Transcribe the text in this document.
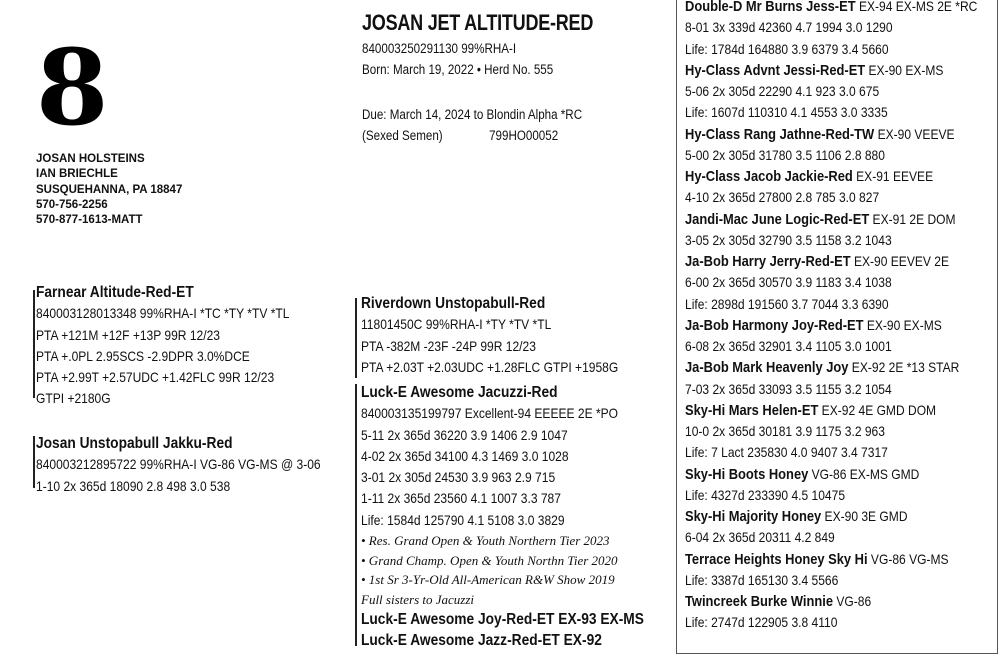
8
JOSAN HOLSTEINS
IAN BRIECHLE
SUSQUEHANNA, PA 18847
570-756-2256
570-877-1613-MATT
JOSAN JET ALTITUDE-RED
840003250291130 99%RHA-I
Born: March 19, 2022 • Herd No. 555
Due: March 14, 2024 to Blondin Alpha *RC
(Sexed Semen)	799HO00052
Farnear Altitude-Red-ET
840003128013348 99%RHA-I *TC *TY *TV *TL
PTA +121M +12F +13P 99R 12/23
PTA +.0PL 2.95SCS -2.9DPR 3.0%DCE
PTA +2.99T +2.57UDC +1.42FLC 99R 12/23
GTPI +2180G
Josan Unstopabull Jakku-Red
840003212895722 99%RHA-I VG-86 VG-MS @ 3-06
1-10 2x 365d 18090 2.8 498 3.0 538
Riverdown Unstopabull-Red
11801450C 99%RHA-I *TY *TV *TL
PTA -382M -23F -24P 99R 12/23
PTA +2.03T +2.03UDC +1.28FLC GTPI +1958G
Luck-E Awesome Jacuzzi-Red
840003135199797 Excellent-94 EEEEE 2E *PO
5-11 2x 365d 36220 3.9 1406 2.9 1047
4-02 2x 365d 34100 4.3 1469 3.0 1028
3-01 2x 305d 24530 3.9 963 2.9 715
1-11 2x 365d 23560 4.1 1007 3.3 787
Life: 1584d 125790 4.1 5108 3.0 3829
• Res. Grand Open & Youth Northern Tier 2023
• Grand Champ. Open & Youth Northn Tier 2020
• 1st Sr 3-Yr-Old All-American R&W Show 2019
Full sisters to Jacuzzi
Luck-E Awesome Joy-Red-ET EX-93 EX-MS
Luck-E Awesome Jazz-Red-ET EX-92
Double-D Mr Burns Jess-ET EX-94 EX-MS 2E *RC
8-01 3x 339d 42360 4.7 1994 3.0 1290
Life: 1784d 164880 3.9 6379 3.4 5660
Hy-Class Advnt Jessi-Red-ET EX-90 EX-MS
5-06 2x 305d 22290 4.1 923 3.0 675
Life: 1607d 110310 4.1 4553 3.0 3335
Hy-Class Rang Jathne-Red-TW EX-90 VEEVE
5-00 2x 305d 31780 3.5 1106 2.8 880
Hy-Class Jacob Jackie-Red EX-91 EEVEE
4-10 2x 365d 27800 2.8 785 3.0 827
Jandi-Mac June Logic-Red-ET EX-91 2E DOM
3-05 2x 305d 32790 3.5 1158 3.2 1043
Ja-Bob Harry Jerry-Red-ET EX-90 EEVEV 2E
6-00 2x 365d 30570 3.9 1183 3.4 1038
Life: 2898d 191560 3.7 7044 3.3 6390
Ja-Bob Harmony Joy-Red-ET EX-90 EX-MS
6-08 2x 365d 32901 3.4 1105 3.0 1001
Ja-Bob Mark Heavenly Joy EX-92 2E *13 STAR
7-03 2x 365d 33093 3.5 1155 3.2 1054
Sky-Hi Mars Helen-ET EX-92 4E GMD DOM
10-0 2x 365d 30181 3.9 1175 3.2 963
Life: 7 Lact 235830 4.0 9407 3.4 7317
Sky-Hi Boots Honey VG-86 EX-MS GMD
Life: 4327d 233390 4.5 10475
Sky-Hi Majority Honey EX-90 3E GMD
6-04 2x 365d 20311 4.2 849
Terrace Heights Honey Sky Hi VG-86 VG-MS
Life: 3387d 165130 3.4 5566
Twincreek Burke Winnie VG-86
Life: 2747d 122905 3.8 4110
